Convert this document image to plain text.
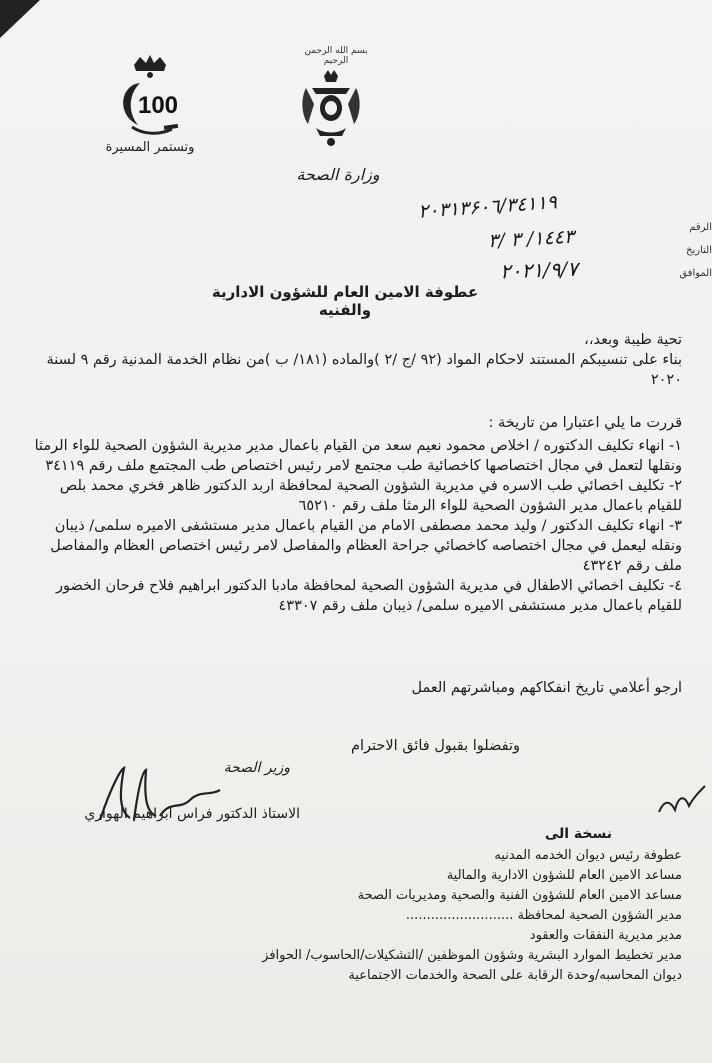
100
وتستمر المسيرة
بسم الله الرحمن الرحيم
وزارة الصحة
الرقم
التاريخ
الموافق
۲۰۳۱۳۶۰٦/٣٤١١٩
١٤٤٣/ ٣ /٣
٢٠٢١/٩/٧
عطوفة الامين العام للشؤون الادارية والفنيه
تحية طيبة وبعد،،
بناء على تنسيبكم المستند لاحكام المواد (٩٢ /ج /٢ )والماده (١٨١/ ب )من نظام الخدمة المدنية رقم ٩ لسنة ٢٠٢٠
قررت ما يلي اعتبارا من تاريخة :
١- انهاء تكليف الدكتوره / اخلاص محمود نعيم سعد من القيام باعمال مدير مديرية الشؤون الصحية للواء الرمثا ونقلها لتعمل في مجال اختصاصها كاخصائية طب مجتمع لامر رئيس اختصاص طب المجتمع ملف رقم ٣٤١١٩
٢- تكليف اخصائي طب الاسره في مديرية الشؤون الصحية لمحافظة اربد الدكتور ظاهر فخري محمد بلص للقيام باعمال مدير الشؤون الصحية للواء الرمثا ملف رقم ٦٥٢١٠
٣- انهاء تكليف الدكتور / وليد محمد مصطفى الامام من القيام باعمال مدير مستشفى الاميره سلمى/ ذيبان ونقله ليعمل في مجال اختصاصه كاخصائي جراحة العظام والمفاصل لامر رئيس اختصاص العظام والمفاصل ملف رقم ٤٣٢٤٢
٤- تكليف اخصائي الاطفال في مديرية الشؤون الصحية لمحافظة مادبا الدكتور ابراهيم فلاح فرحان الخضور للقيام باعمال مدير مستشفى الاميره سلمى/ ذيبان ملف رقم ٤٣٣٠٧
ارجو أعلامي تاريخ انفكاكهم ومباشرتهم العمل
وتفضلوا بقبول فائق الاحترام
وزير الصحة
الاستاذ الدكتور فراس ابراهيم الهواري
نسخة الى
عطوفة رئيس ديوان الخدمه المدنيه
مساعد الامين العام للشؤون الادارية والمالية
مساعد الامين العام للشؤون الفنية والصحية ومديريات الصحة
مدير الشؤون الصحية لمحافظة ..........................
مدير مديرية النفقات والعقود
مدير تخطيط الموارد البشرية وشؤون الموظفين /التشكيلات/الحاسوب/ الحوافز
ديوان المحاسبه/وحدة الرقابة على الصحة والخدمات الاجتماعية
